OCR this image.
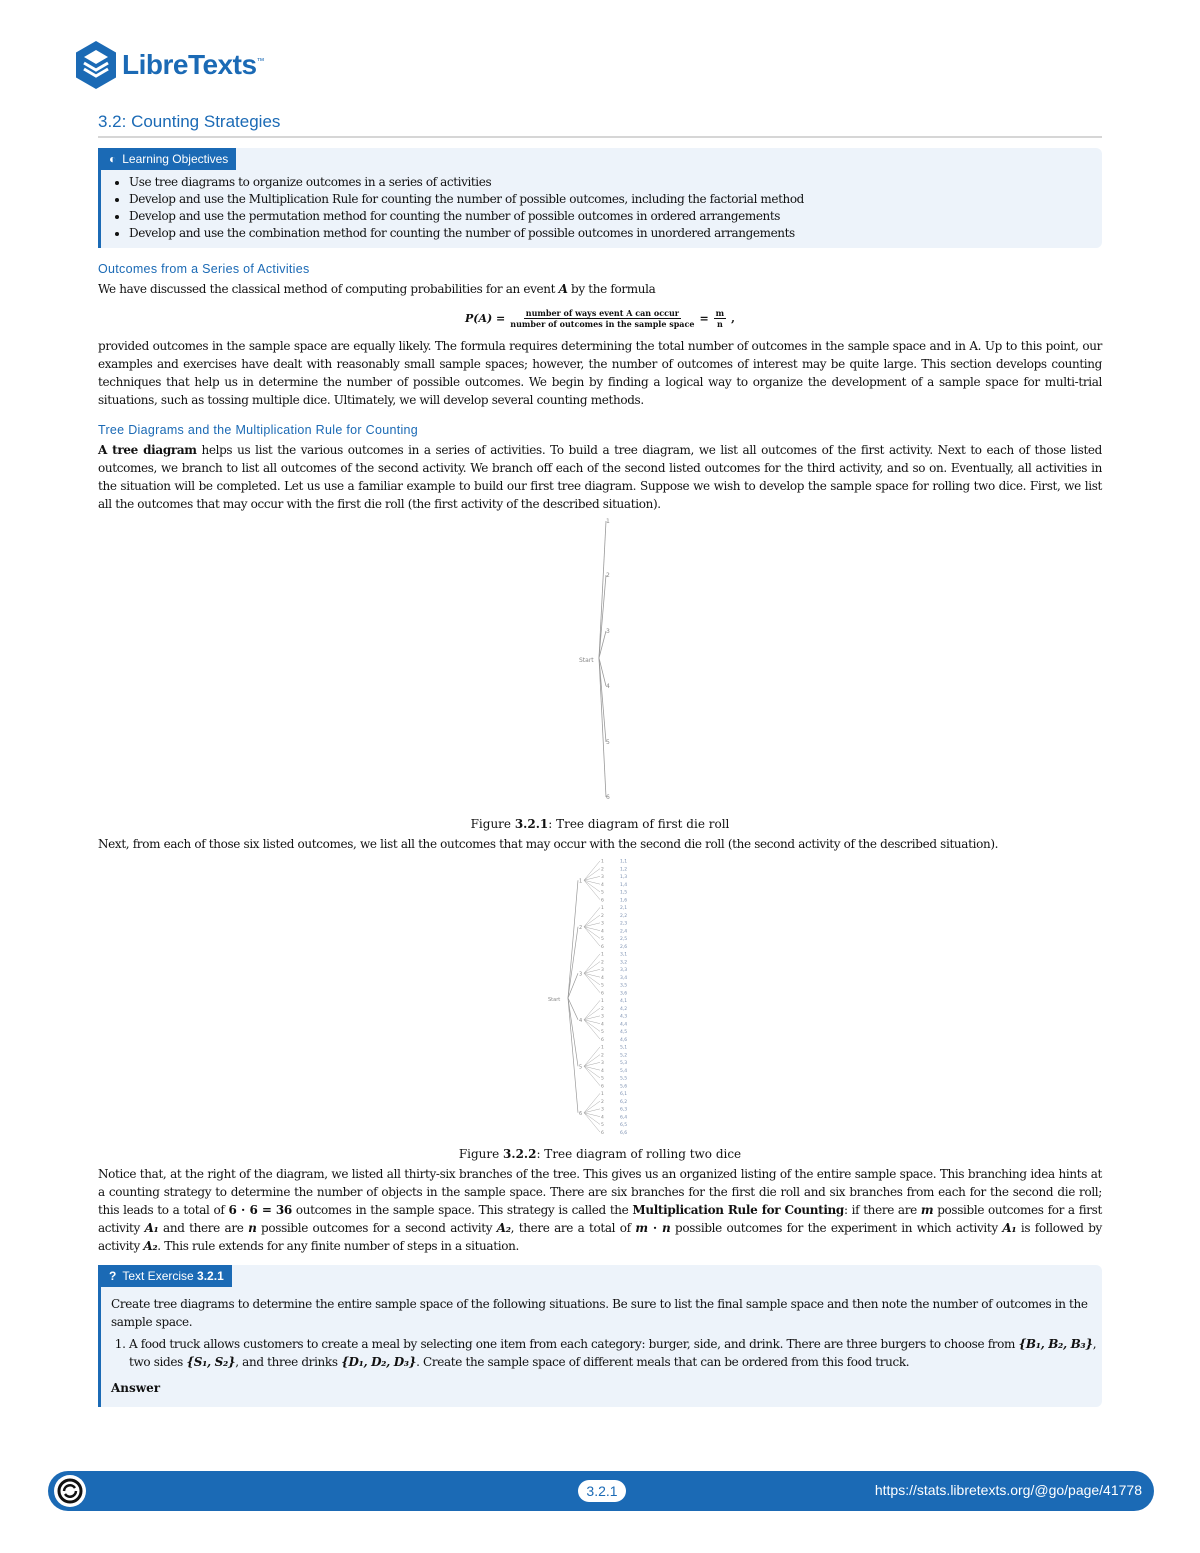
LibreTexts™
3.2: Counting Strategies
◐ Learning Objectives
• Use tree diagrams to organize outcomes in a series of activities
• Develop and use the Multiplication Rule for counting the number of possible outcomes, including the factorial method
• Develop and use the permutation method for counting the number of possible outcomes in ordered arrangements
• Develop and use the combination method for counting the number of possible outcomes in unordered arrangements
Outcomes from a Series of Activities

We have discussed the classical method of computing probabilities for an event A by the formula

$P(A) = \frac{\text{number of ways event A can occur}}{\text{number of outcomes in the sample space}} = \frac{m}{n}$ ,

provided outcomes in the sample space are equally likely. The formula requires determining the total number of outcomes in the sample space and in A. Up to this point, our examples and exercises have dealt with reasonably small sample spaces; however, the number of outcomes of interest may be quite large. This section develops counting techniques that help us in determine the number of possible outcomes. We begin by finding a logical way to organize the development of a sample space for multi-trial situations, such as tossing multiple dice. Ultimately, we will develop several counting methods.

Tree Diagrams and the Multiplication Rule for Counting

A tree diagram helps us list the various outcomes in a series of activities. To build a tree diagram, we list all outcomes of the first activity. Next to each of those listed outcomes, we branch to list all outcomes of the second activity. We branch off each of the second listed outcomes for the third activity, and so on. Eventually, all activities in the situation will be completed. Let us use a familiar example to build our first tree diagram. Suppose we wish to develop the sample space for rolling two dice. First, we list all the outcomes that may occur with the first die roll (the first activity of the described situation).

Start
1
2
3
4
5
6
Figure 3.2.1: Tree diagram of first die roll

Next, from each of those six listed outcomes, we list all the outcomes that may occur with the second die roll (the second activity of the described situation).

Start
1
1
2
3
4
5
6
2
1
2
3
4
5
6
3
1
2
3
4
5
6
4
1
2
3
4
5
6
5
1
2
3
4
5
6
6
1
2
3
4
5
6
1,1
1,2
1,3
1,4
1,5
1,6
2,1
2,2
2,3
2,4
2,5
2,6
3,1
3,2
3,3
3,4
3,5
3,6
4,1
4,2
4,3
4,4
4,5
4,6
5,1
5,2
5,3
5,4
5,5
5,6
6,1
6,2
6,3
6,4
6,5
6,6
Figure 3.2.2: Tree diagram of rolling two dice

Notice that, at the right of the diagram, we listed all thirty-six branches of the tree. This gives us an organized listing of the entire sample space. This branching idea hints at a counting strategy to determine the number of objects in the sample space. There are six branches for the first die roll and six branches from each for the second die roll; this leads to a total of 6 ⋅ 6 = 36 outcomes in the sample space. This strategy is called the Multiplication Rule for Counting: if there are m possible outcomes for a first activity A₁ and there are n possible outcomes for a second activity A₂, there are a total of m ⋅ n possible outcomes for the experiment in which activity A₁ is followed by activity A₂. This rule extends for any finite number of steps in a situation.

? Text Exercise 3.2.1
Create tree diagrams to determine the entire sample space of the following situations. Be sure to list the final sample space and then note the number of outcomes in the sample space.
1. A food truck allows customers to create a meal by selecting one item from each category: burger, side, and drink. There are three burgers to choose from {B₁, B₂, B₃}, two sides {S₁, S₂}, and three drinks {D₁, D₂, D₃}. Create the sample space of different meals that can be ordered from this food truck.
Answer
3.2.1	https://stats.libretexts.org/@go/page/41778
